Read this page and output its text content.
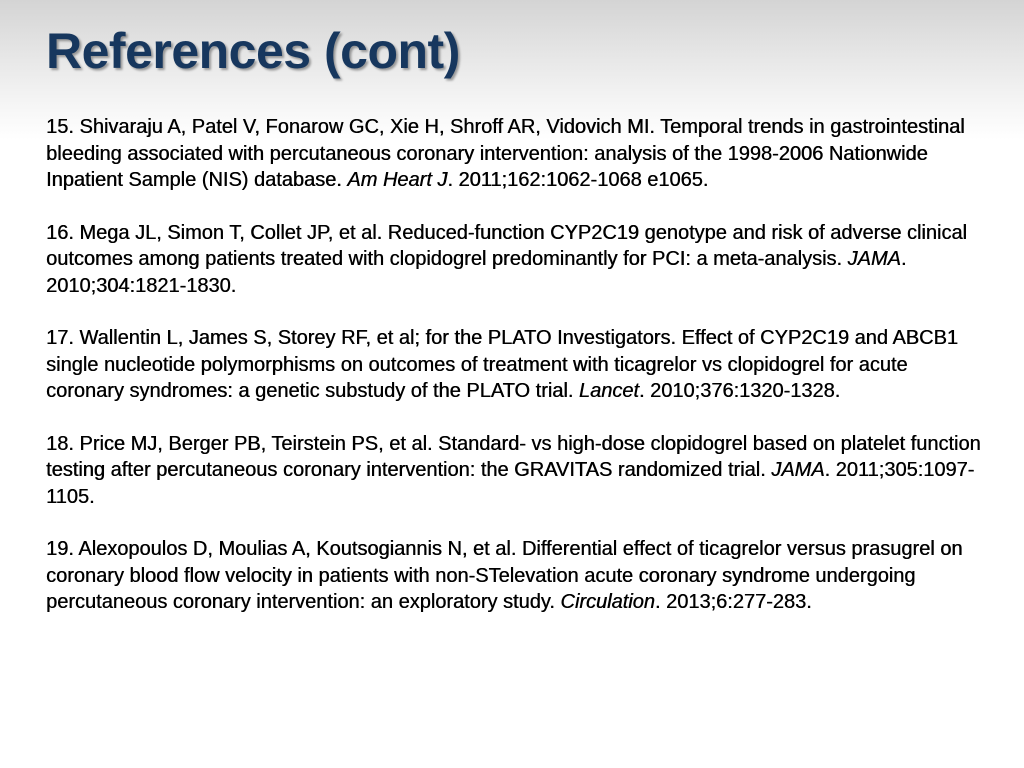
References (cont)

15. Shivaraju A, Patel V, Fonarow GC, Xie H, Shroff AR, Vidovich MI. Temporal trends in gastrointestinal bleeding associated with percutaneous coronary intervention: analysis of the 1998-2006 Nationwide Inpatient Sample (NIS) database. Am Heart J. 2011;162:1062-1068 e1065.

16. Mega JL, Simon T, Collet JP, et al. Reduced-function CYP2C19 genotype and risk of adverse clinical outcomes among patients treated with clopidogrel predominantly for PCI: a meta-analysis. JAMA. 2010;304:1821-1830.

17. Wallentin L, James S, Storey RF, et al; for the PLATO Investigators. Effect of CYP2C19 and ABCB1 single nucleotide polymorphisms on outcomes of treatment with ticagrelor vs clopidogrel for acute coronary syndromes: a genetic substudy of the PLATO trial. Lancet. 2010;376:1320-1328.

18. Price MJ, Berger PB, Teirstein PS, et al. Standard- vs high-dose clopidogrel based on platelet function testing after percutaneous coronary intervention: the GRAVITAS randomized trial. JAMA. 2011;305:1097-1105.

19. Alexopoulos D, Moulias A, Koutsogiannis N, et al. Differential effect of ticagrelor versus prasugrel on coronary blood flow velocity in patients with non-STelevation acute coronary syndrome undergoing percutaneous coronary intervention: an exploratory study. Circulation. 2013;6:277-283.
